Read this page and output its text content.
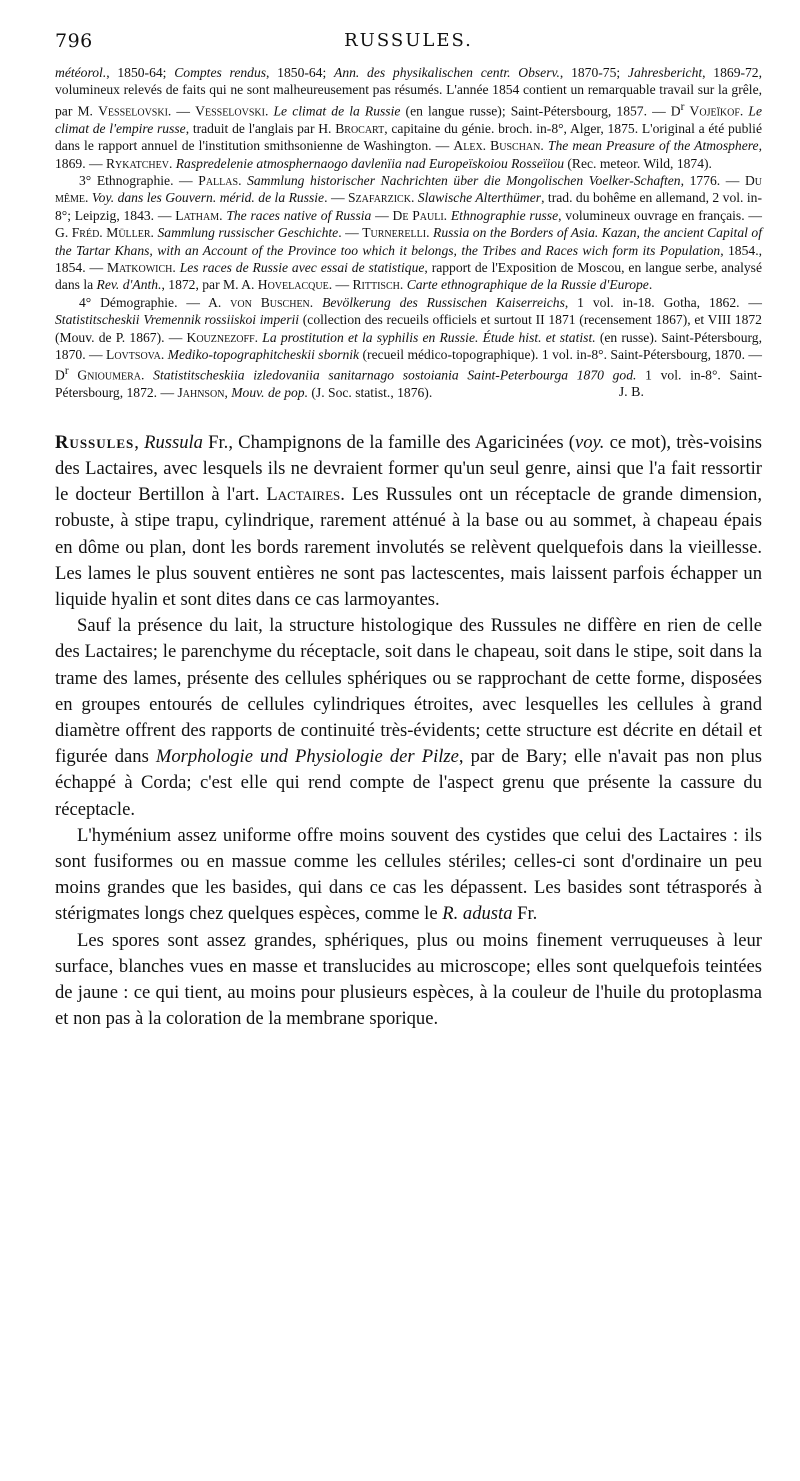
796	RUSSULES.

météorol., 1850-64; Comptes rendus, 1850-64; Ann. des physikalischen centr. Observ., 1870-75; Jahresbericht, 1869-72, volumineux relevés de faits qui ne sont malheureusement pas résumés. L'année 1854 contient un remarquable travail sur la grêle, par M. Vesselovski. — Vesselovski. Le climat de la Russie (en langue russe); Saint-Pétersbourg, 1857. — $D^r$ Vojeïkof. Le climat de l'empire russe, traduit de l'anglais par H. Brocart, capitaine du génie. broch. in-8°, Alger, 1875. L'original a été publié dans le rapport annuel de l'institution smithsonienne de Washington. — Alex. Buschan. The mean Preasure of the Atmosphere, 1869. — Rykatchev. Raspredelenie atmosphernaogo davlenïia nad Europeïskoiou Rosseïiou (Rec. meteor. Wild, 1874).

3° Ethnographie. — Pallas. Sammlung historischer Nachrichten über die Mongolischen Voelker-Schaften, 1776. — Du même. Voy. dans les Gouvern. mérid. de la Russie. — Szafarzick. Slawische Alterthümer, trad. du bohême en allemand, 2 vol. in-8°; Leipzig, 1843. — Latham. The races native of Russia — De Pauli. Ethnographie russe, volumineux ouvrage en français. — G. Fréd. Müller. Sammlung russischer Geschichte. — Turnerelli. Russia on the Borders of Asia. Kazan, the ancient Capital of the Tartar Khans, with an Account of the Province too which it belongs, the Tribes and Races wich form its Population, 1854., 1854. — Matkowich. Les races de Russie avec essai de statistique, rapport de l'Exposition de Moscou, en langue serbe, analysé dans la Rev. d'Anth., 1872, par M. A. Hovelacque. — Rittisch. Carte ethnographique de la Russie d'Europe.

4° Démographie. — A. von Buschen. Bevölkerung des Russischen Kaiserreichs, 1 vol. in-18. Gotha, 1862. — Statistitscheskii Vremennik rossiiskoi imperii (collection des recueils officiels et surtout II 1871 (recensement 1867), et VIII 1872 (Mouv. de P. 1867). — Kouznezoff. La prostitution et la syphilis en Russie. Étude hist. et statist. (en russe). Saint-Pétersbourg, 1870. — Lovtsova. Mediko-topographitcheskii sbornik (recueil médico-topographique). 1 vol. in-8°. Saint-Pétersbourg, 1870. — $D^r$ Gnioumera. Statistitscheskiia izledovaniia sanitarnago sostoiania Saint-Peterbourga 1870 god. 1 vol. in-8°. Saint-Pétersbourg, 1872. — Jahnson, Mouv. de pop. (J. Soc. statist., 1876).	J. B.

Russules, Russula Fr., Champignons de la famille des Agaricinées (voy. ce mot), très-voisins des Lactaires, avec lesquels ils ne devraient former qu'un seul genre, ainsi que l'a fait ressortir le docteur Bertillon à l'art. Lactaires. Les Russules ont un réceptacle de grande dimension, robuste, à stipe trapu, cylindrique, rarement atténué à la base ou au sommet, à chapeau épais en dôme ou plan, dont les bords rarement involutés se relèvent quelquefois dans la vieillesse. Les lames le plus souvent entières ne sont pas lactescentes, mais laissent parfois échapper un liquide hyalin et sont dites dans ce cas larmoyantes.

Sauf la présence du lait, la structure histologique des Russules ne diffère en rien de celle des Lactaires; le parenchyme du réceptacle, soit dans le chapeau, soit dans le stipe, soit dans la trame des lames, présente des cellules sphériques ou se rapprochant de cette forme, disposées en groupes entourés de cellules cylindriques étroites, avec lesquelles les cellules à grand diamètre offrent des rapports de continuité très-évidents; cette structure est décrite en détail et figurée dans Morphologie und Physiologie der Pilze, par de Bary; elle n'avait pas non plus échappé à Corda; c'est elle qui rend compte de l'aspect grenu que présente la cassure du réceptacle.

L'hyménium assez uniforme offre moins souvent des cystides que celui des Lactaires : ils sont fusiformes ou en massue comme les cellules stériles; celles-ci sont d'ordinaire un peu moins grandes que les basides, qui dans ce cas les dépassent. Les basides sont tétrasporés à stérigmates longs chez quelques espèces, comme le R. adusta Fr.

Les spores sont assez grandes, sphériques, plus ou moins finement verruqueuses à leur surface, blanches vues en masse et translucides au microscope; elles sont quelquefois teintées de jaune : ce qui tient, au moins pour plusieurs espèces, à la couleur de l'huile du protoplasma et non pas à la coloration de la membrane sporique.
